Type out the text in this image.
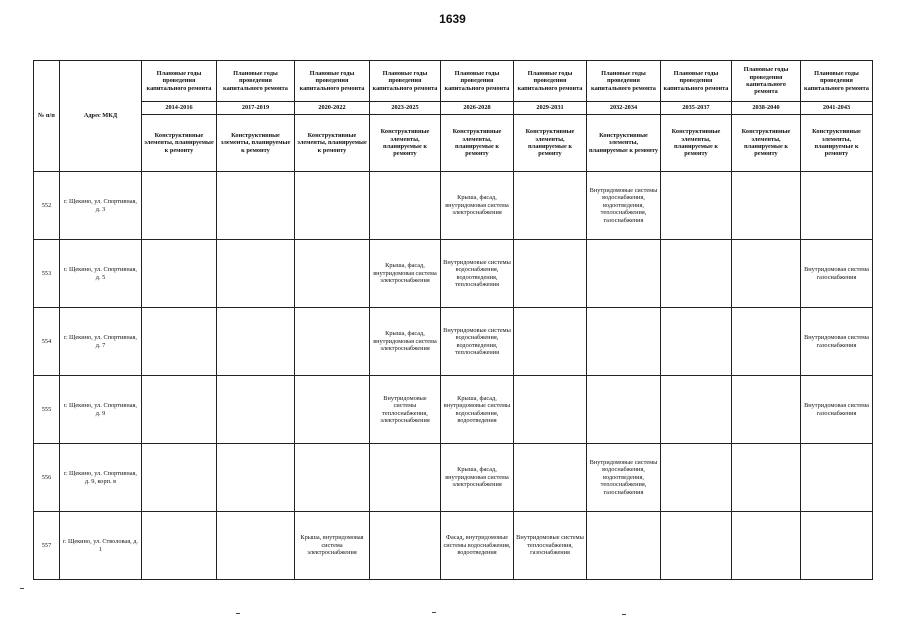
1639
№ п/п	Адрес МКД	Плановые годы проведения капитального ремонта	Плановые годы проведения капитального ремонта	Плановые годы проведения капитального ремонта	Плановые годы проведения капитального ремонта	Плановые годы проведения капитального ремонта	Плановые годы проведения капитального ремонта	Плановые годы проведения капитального ремонта	Плановые годы проведения капитального ремонта	Плановые годы проведения капитального ремонта	Плановые годы проведения капитального ремонта
		2014-2016	2017-2019	2020-2022	2023-2025	2026-2028	2029-2031	2032-2034	2035-2037	2038-2040	2041-2043
		Конструктивные элементы, планируемые к ремонту	Конструктивные элементы, планируемые к ремонту	Конструктивные элементы, планируемые к ремонту	Конструктивные элементы, планируемые к ремонту	Конструктивные элементы, планируемые к ремонту	Конструктивные элементы, планируемые к ремонту	Конструктивные элементы, планируемые к ремонту	Конструктивные элементы, планируемые к ремонту	Конструктивные элементы, планируемые к ремонту	Конструктивные элементы, планируемые к ремонту
552	г. Щекино, ул. Спортивная, д. 3					Крыша, фасад, внутридомовая система электроснабжения		Внутридомовые системы водоснабжения, водоотведения, теплоснабжения, газоснабжения			
553	г. Щекино, ул. Спортивная, д. 5				Крыша, фасад, внутридомовая система электроснабжения	Внутридомовые системы водоснабжения, водоотведения, теплоснабжения					Внутридомовая система газоснабжения
554	г. Щекино, ул. Спортивная, д. 7				Крыша, фасад, внутридомовая система электроснабжения	Внутридомовые системы водоснабжения, водоотведения, теплоснабжения					Внутридомовая система газоснабжения
555	г. Щекино, ул. Спортивная, д. 9				Внутридомовые системы теплоснабжения, электроснабжения	Крыша, фасад, внутридомовые системы водоснабжения, водоотведения					Внутридомовая система газоснабжения
556	г. Щекино, ул. Спортивная, д. 9, корп. в					Крыша, фасад, внутридомовая система электроснабжения		Внутридомовые системы водоснабжения, водоотведения, теплоснабжения, газоснабжения			
557	г. Щекино, ул. Стволовая, д. 1			Крыша, внутридомовая система электроснабжения		Фасад, внутридомовые системы водоснабжения, водоотведения	Внутридомовые системы теплоснабжения, газоснабжения				
